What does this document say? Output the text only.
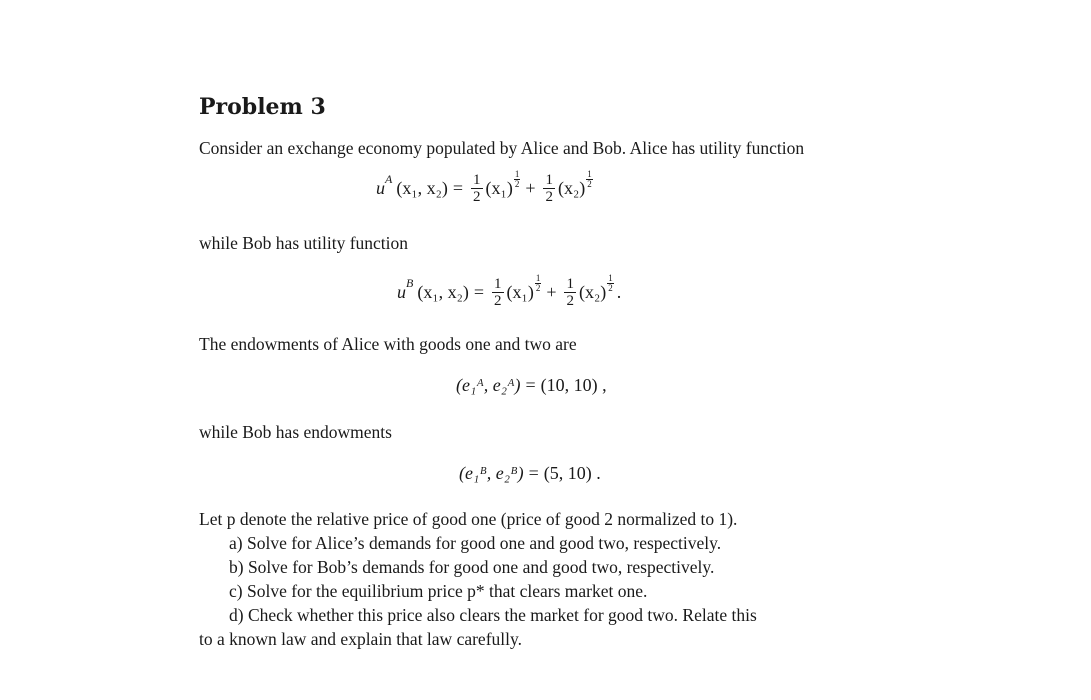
Problem 3
Consider an exchange economy populated by Alice and Bob. Alice has utility function
u A (x₁, $x_2) = \frac{1}{2} (x_1) \frac{1}{2} + \frac{1}{2} (x_2) \frac{1}{2}$
while Bob has utility function
u B (x₁, $x_2) = \frac{1}{2} (x_1) \frac{1}{2} + \frac{1}{2} (x_2) \frac{1}{2}$ .
The endowments of Alice with goods one and two are
(e₁ᴬ, e₂ᴬ) = (10, 10) ,
while Bob has endowments
(e₁ᴮ, e₂ᴮ) = (5, 10) .
Let p denote the relative price of good one (price of good 2 normalized to 1).
a) Solve for Alice’s demands for good one and good two, respectively.
b) Solve for Bob’s demands for good one and good two, respectively.
c) Solve for the equilibrium price p* that clears market one.
d) Check whether this price also clears the market for good two. Relate this
to a known law and explain that law carefully.
